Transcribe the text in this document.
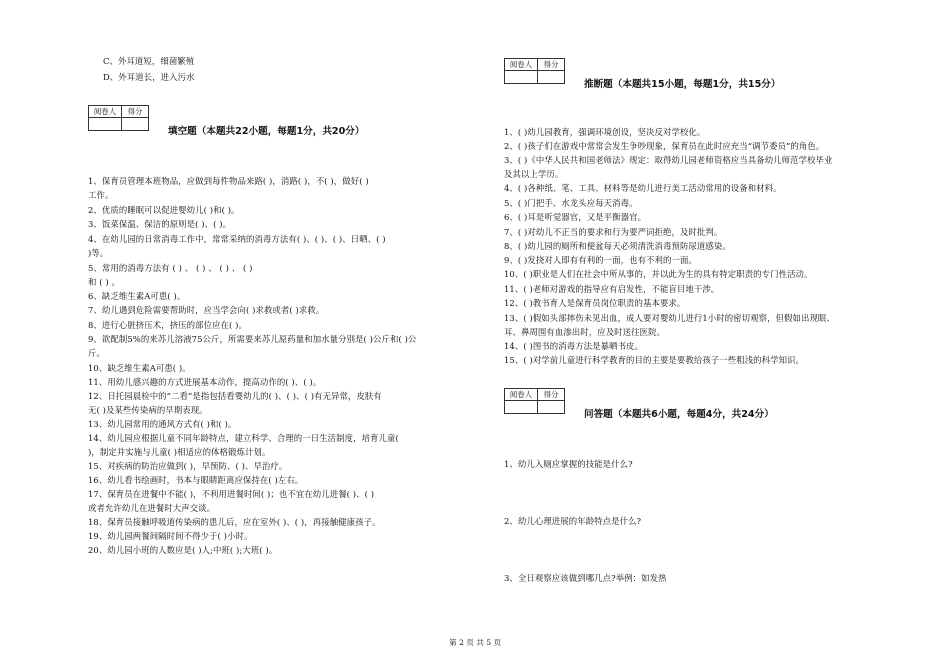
C、外耳道短，细菌繁殖
D、外耳道长，进入污水
阅卷人	得分

填空题（本题共22小题，每题1分，共20分）
1、保育员管理本班物品，应做到每件物品来路( )，消路( )，不( )，做好( )
工作。
2、优质的睡眠可以促进婴幼儿( )和( )。
3、饭菜保温、保洁的原则是( )、( )。
4、在幼儿园的日常消毒工作中，常常采纳的消毒方法有( )、( )、( )、日晒、( )
)等。
5、常用的消毒方法有 ( ) 、 ( ) 、 ( ) 、 ( )
和 ( ) 。
6、缺乏维生素A可患( )。
7、幼儿遇到危险需要帮助时，应当学会向( )求救或者( )求救。
8、进行心脏挤压术，挤压的部位应在( )。
9、欲配制5%的来苏儿溶液75公斤，所需要来苏儿原药量和加水量分别是( )公斤和( )公
斤。
10、缺乏维生素A可患( )。
11、用幼儿感兴趣的方式进展基本动作，提高动作的( )、( )。
12、日托园晨检中的“二看”是指包括看婴幼儿的( )、( )、( )有无异常，皮肤有
无( )及某些传染病的早期表现。
13、幼儿园常用的通风方式有( )和( )。
14、幼儿园应根据儿童不同年龄特点，建立科学、合理的一日生活制度，培育儿童(
)，制定并实施与儿童( )相适应的体格锻炼计划。
15、对疾病的防治应做到( )，早预防、( )、早治疗。
16、幼儿看书绘画时，书本与眼睛距离应保持在( )左右。
17、保育员在进餐中不能( )，不利用进餐时间( )；也不宜在幼儿进餐( )、( )
或者允许幼儿在进餐时大声交谈。
18、保育员接触呼吸道传染病的患儿后，应在室外( )、( )，再接触健康孩子。
19、幼儿园两餐间隔时间不得少于( )小时。
20、幼儿园小班的人数应是( )人;中班( );大班( )。
阅卷人	得分

推断题（本题共15小题，每题1分，共15分）
1、( )幼儿园教育，强调环境创设，坚决反对学校化。
2、( )孩子们在游戏中常常会发生争吵现象，保育员在此时应充当“调节委员”的角色。
3、( )《中华人民共和国老师法》规定：取得幼儿园老师资格应当具备幼儿师范学校毕业
及其以上学历。
4、( )各种纸、笔、工具、材料等是幼儿进行美工活动常用的设备和材料。
5、( )门把手、水龙头应每天消毒。
6、( )耳是听觉器官，又是平衡器官。
7、( )对幼儿不正当的要求和行为要严词拒绝，及时批判。
8、( )幼儿园的厕所和便盆每天必须清洗消毒预防尿道感染。
9、( )发挠对人即有有利的一面，也有不利的一面。
10、( )职业是人们在社会中所从事的，并以此为生的具有特定职责的专门性活动。
11、( )老师对游戏的指导应有启发性，不能盲目地干涉。
12、( )教书育人是保育员岗位职责的基本要求。
13、( )假如头部摔伤未见出血，成人要对婴幼儿进行1小时的密切观察，但假如出现眼、
耳、鼻周围有血渗出时，应及时送往医院。
14、( )图书的消毒方法是暴晒书皮。
15、( )对学前儿童进行科学教育的目的主要是要教给孩子一些粗浅的科学知识。
阅卷人	得分

问答题（本题共6小题，每题4分，共24分）
1、幼儿入厕应掌握的技能是什么?
2、幼儿心理进展的年龄特点是什么?
3、全日观察应该做到哪几点?举例：如发热
第 2 页 共 5 页
